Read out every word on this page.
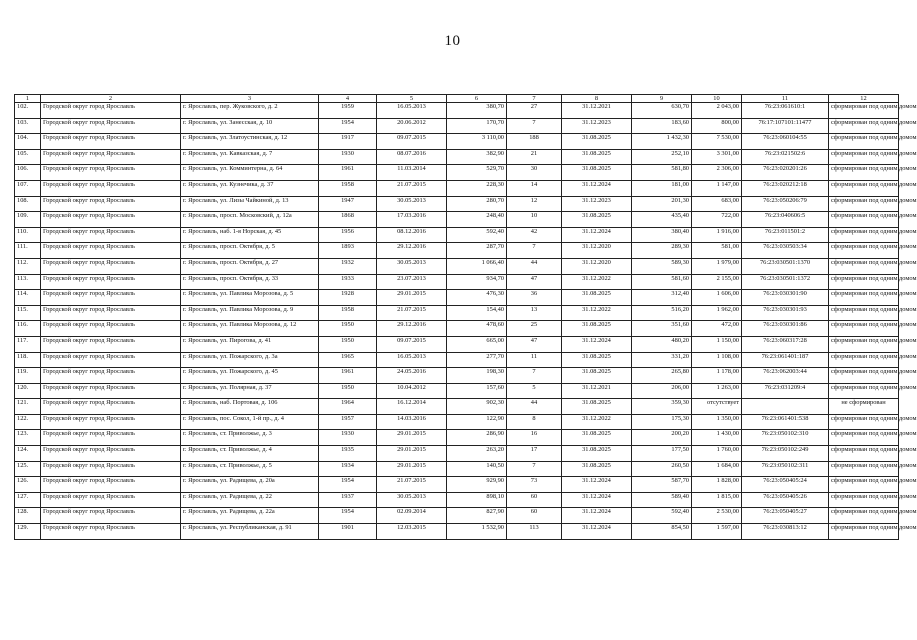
10
1	2	3	4	5	6	7	8	9	10	11	12
102.	Городской округ город Ярославль	г. Ярославль, пер. Жуковского, д. 2	1959	16.05.2013	380,70	27	31.12.2021	630,70	2 043,00	76:23:061610:1	сформирован под одним домом
103.	Городской округ город Ярославль	г. Ярославль, ул. Занесская, д. 10	1954	20.06.2012	170,70	7	31.12.2023	183,60	800,00	76:17:107101:11477	сформирован под одним домом
104.	Городской округ город Ярославль	г. Ярославль, ул. Златоустинская, д. 12	1917	09.07.2015	3 110,00	188	31.08.2025	1 432,30	7 530,00	76:23:060104:55	сформирован под одним домом
105.	Городской округ город Ярославль	г. Ярославль, ул. Кавказская, д. 7	1930	08.07.2016	382,90	21	31.08.2025	252,10	3 301,00	76:23:021502:6	сформирован под одним домом
106.	Городской округ город Ярославль	г. Ярославль, ул. Комминтерна, д. 64	1961	11.03.2014	529,70	30	31.08.2025	581,80	2 306,00	76:23:020201:26	сформирован под одним домом
107.	Городской округ город Ярославль	г. Ярославль, ул. Кузнечика, д. 37	1958	21.07.2015	228,30	14	31.12.2024	181,00	1 147,00	76:23:020212:18	сформирован под одним домом
108.	Городской округ город Ярославль	г. Ярославль, ул. Лизы Чайкиной, д. 13	1947	30.05.2013	280,70	12	31.12.2023	201,30	683,00	76:23:050206:79	сформирован под одним домом
109.	Городской округ город Ярославль	г. Ярославль, просп. Московский, д. 12а	1868	17.03.2016	248,40	10	31.08.2025	435,40	722,00	76:23:040606:5	сформирован под одним домом
110.	Городской округ город Ярославль	г. Ярославль, наб. 1-я Норская, д. 45	1956	08.12.2016	592,40	42	31.12.2024	380,40	1 916,00	76:23:011501:2	сформирован под одним домом
111.	Городской округ город Ярославль	г. Ярославль, просп. Октября, д. 5	1893	29.12.2016	287,70	7	31.12.2020	289,30	581,00	76:23:030503:34	сформирован под одним домом
112.	Городской округ город Ярославль	г. Ярославль, просп. Октября, д. 27	1932	30.05.2013	1 066,40	44	31.12.2020	589,30	1 979,00	76:23:030501:1370	сформирован под одним домом
113.	Городской округ город Ярославль	г. Ярославль, просп. Октября, д. 33	1933	23.07.2013	934,70	47	31.12.2022	581,60	2 155,00	76:23:030501:1372	сформирован под одним домом
114.	Городской округ город Ярославль	г. Ярославль, ул. Павлика Морозова, д. 5	1928	29.01.2015	476,30	36	31.08.2025	312,40	1 606,00	76:23:030301:90	сформирован под одним домом
115.	Городской округ город Ярославль	г. Ярославль, ул. Павлика Морозова, д. 9	1958	21.07.2015	154,40	13	31.12.2022	516,20	1 962,00	76:23:030301:93	сформирован под одним домом
116.	Городской округ город Ярославль	г. Ярославль, ул. Павлика Морозова, д. 12	1950	29.12.2016	478,60	25	31.08.2025	351,60	472,00	76:23:030301:86	сформирован под одним домом
117.	Городской округ город Ярославль	г. Ярославль, ул. Пирогова, д. 41	1950	09.07.2015	665,00	47	31.12.2024	480,20	1 150,00	76:23:060317:28	сформирован под одним домом
118.	Городской округ город Ярославль	г. Ярославль, ул. Пожарского, д. 3а	1965	16.05.2013	277,70	11	31.08.2025	331,20	1 108,00	76:23:061401:187	сформирован под одним домом
119.	Городской округ город Ярославль	г. Ярославль, ул. Пожарского, д. 45	1961	24.05.2016	198,30	7	31.08.2025	265,80	1 178,00	76:23:062003:44	сформирован под одним домом
120.	Городской округ город Ярославль	г. Ярославль, ул. Полярная, д. 37	1950	10.04.2012	157,60	5	31.12.2021	206,00	1 263,00	76:23:031209:4	сформирован под одним домом
121.	Городской округ город Ярославль	г. Ярославль, наб. Портовая, д. 106	1964	16.12.2014	902,30	44	31.08.2025	359,30	отсутствует		не сформирован
122.	Городской округ город Ярославль	г. Ярославль, пос. Сокол, 1-й пр., д. 4	1957	14.03.2016	122,90	8	31.12.2022	175,30	1 350,00	76:23:061401:538	сформирован под одним домом
123.	Городской округ город Ярославль	г. Ярославль, ст. Приволжье, д. 3	1930	29.01.2015	286,90	16	31.08.2025	200,20	1 430,00	76:23:050102:310	сформирован под одним домом
124.	Городской округ город Ярославль	г. Ярославль, ст. Приволжье, д. 4	1935	29.01.2015	263,20	17	31.08.2025	177,50	1 760,00	76:23:050102:249	сформирован под одним домом
125.	Городской округ город Ярославль	г. Ярославль, ст. Приволжье, д. 5	1934	29.01.2015	140,50	7	31.08.2025	260,50	1 684,00	76:23:050102:311	сформирован под одним домом
126.	Городской округ город Ярославль	г. Ярославль, ул. Радищева, д. 20а	1954	21.07.2015	929,90	73	31.12.2024	587,70	1 828,00	76:23:050405:24	сформирован под одним домом
127.	Городской округ город Ярославль	г. Ярославль, ул. Радищева, д. 22	1937	30.05.2013	898,10	60	31.12.2024	589,40	1 815,00	76:23:050405:26	сформирован под одним домом
128.	Городской округ город Ярославль	г. Ярославль, ул. Радищева, д. 22а	1954	02.09.2014	827,90	60	31.12.2024	592,40	2 530,00	76:23:050405:27	сформирован под одним домом
129.	Городской округ город Ярославль	г. Ярославль, ул. Республиканская, д. 91	1901	12.03.2015	1 532,90	113	31.12.2024	854,50	1 597,00	76:23:030813:12	сформирован под одним домом
